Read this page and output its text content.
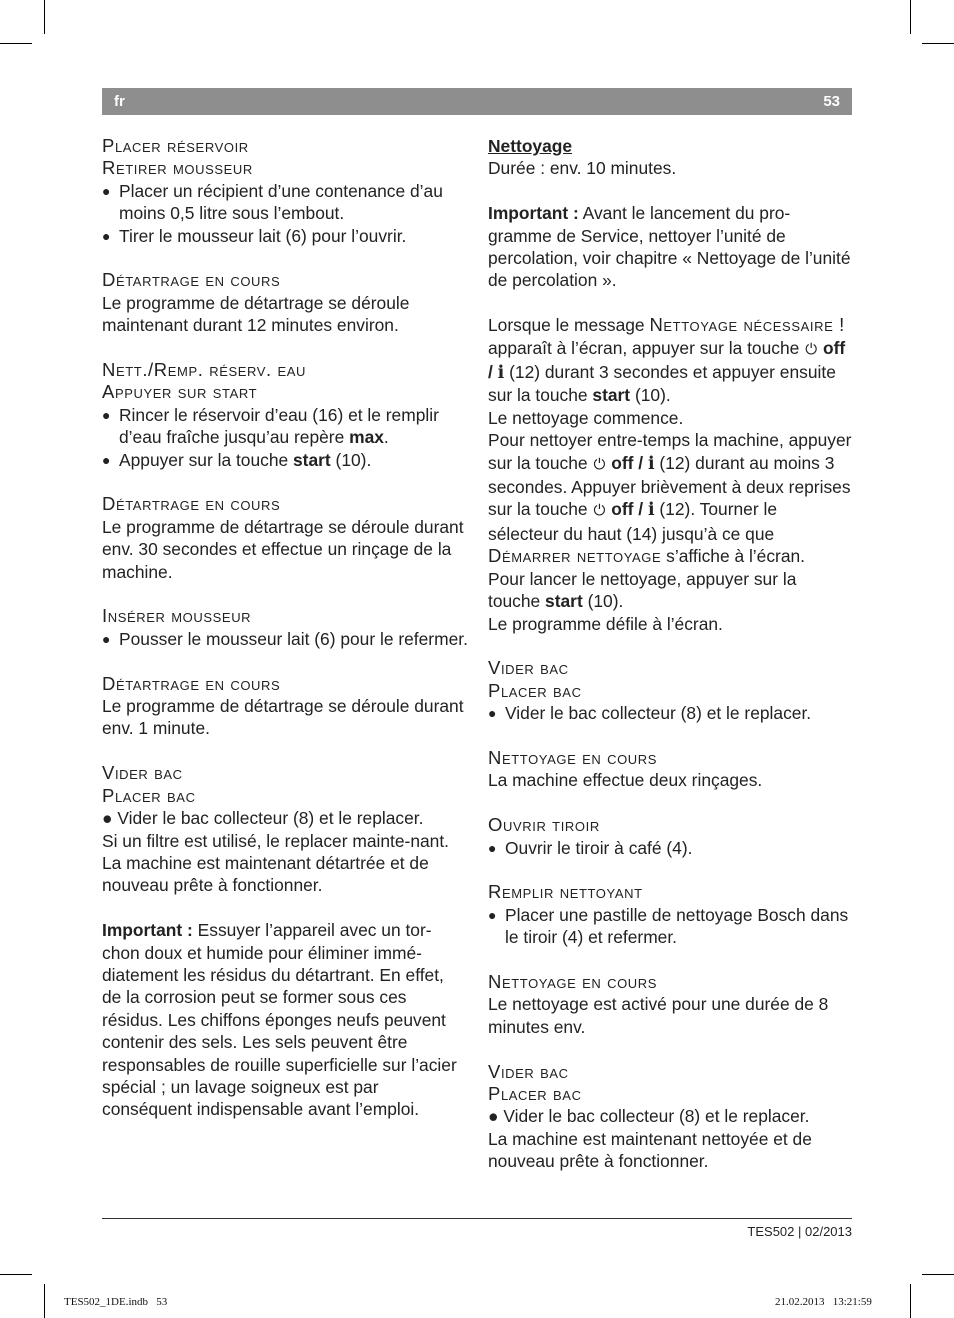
fr	53
Placer réservoir
Retirer mousseur
● Placer un récipient d’une contenance d’au moins 0,5 litre sous l’embout.
● Tirer le mousseur lait (6) pour l’ouvrir.
Détartrage en cours

Le programme de détartrage se déroule maintenant durant 12 minutes environ.

Nett./Remp. réserv. eau
Appuyer sur start
● Rincer le réservoir d’eau (16) et le remplir d’eau fraîche jusqu’au repère max.
● Appuyer sur la touche start (10).
Détartrage en cours

Le programme de détartrage se déroule durant env. 30 secondes et effectue un rinçage de la machine.

Insérer mousseur
● Pousser le mousseur lait (6) pour le refermer.
Détartrage en cours

Le programme de détartrage se déroule durant env. 1 minute.

Vider bac
Placer bac

● Vider le bac collecteur (8) et le replacer.

Si un filtre est utilisé, le replacer mainte-nant. La machine est maintenant détartrée et de nouveau prête à fonctionner.

Important : Essuyer l’appareil avec un tor-chon doux et humide pour éliminer immé-diatement les résidus du détartrant. En effet, de la corrosion peut se former sous ces résidus. Les chiffons éponges neufs peuvent contenir des sels. Les sels peuvent être responsables de rouille superficielle sur l’acier spécial ; un lavage soigneux est par conséquent indispensable avant l’emploi.

Nettoyage

Durée : env. 10 minutes.

Important : Avant le lancement du pro-gramme de Service, nettoyer l’unité de percolation, voir chapitre « Nettoyage de l’unité de percolation ».

Lorsque le message Nettoyage nécessaire ! apparaît à l’écran, appuyer sur la touche ⏻ off / i (12) durant 3 secondes et appuyer ensuite sur la touche start (10).

Le nettoyage commence.

Pour nettoyer entre-temps la machine, appuyer sur la touche ⏻ off / i (12) durant au moins 3 secondes. Appuyer brièvement à deux reprises sur la touche ⏻ off / i (12). Tourner le sélecteur du haut (14) jusqu’à ce que Démarrer nettoyage s’affiche à l’écran.

Pour lancer le nettoyage, appuyer sur la touche start (10).

Le programme défile à l’écran.

Vider bac
Placer bac
● Vider le bac collecteur (8) et le replacer.
Nettoyage en cours

La machine effectue deux rinçages.

Ouvrir tiroir
● Ouvrir le tiroir à café (4).
Remplir nettoyant
● Placer une pastille de nettoyage Bosch dans le tiroir (4) et refermer.
Nettoyage en cours

Le nettoyage est activé pour une durée de 8 minutes env.

Vider bac
Placer bac

● Vider le bac collecteur (8) et le replacer.

La machine est maintenant nettoyée et de nouveau prête à fonctionner.

TES502 | 02/2013
TES502_1DE.indb   53	21.02.2013   13:21:59
